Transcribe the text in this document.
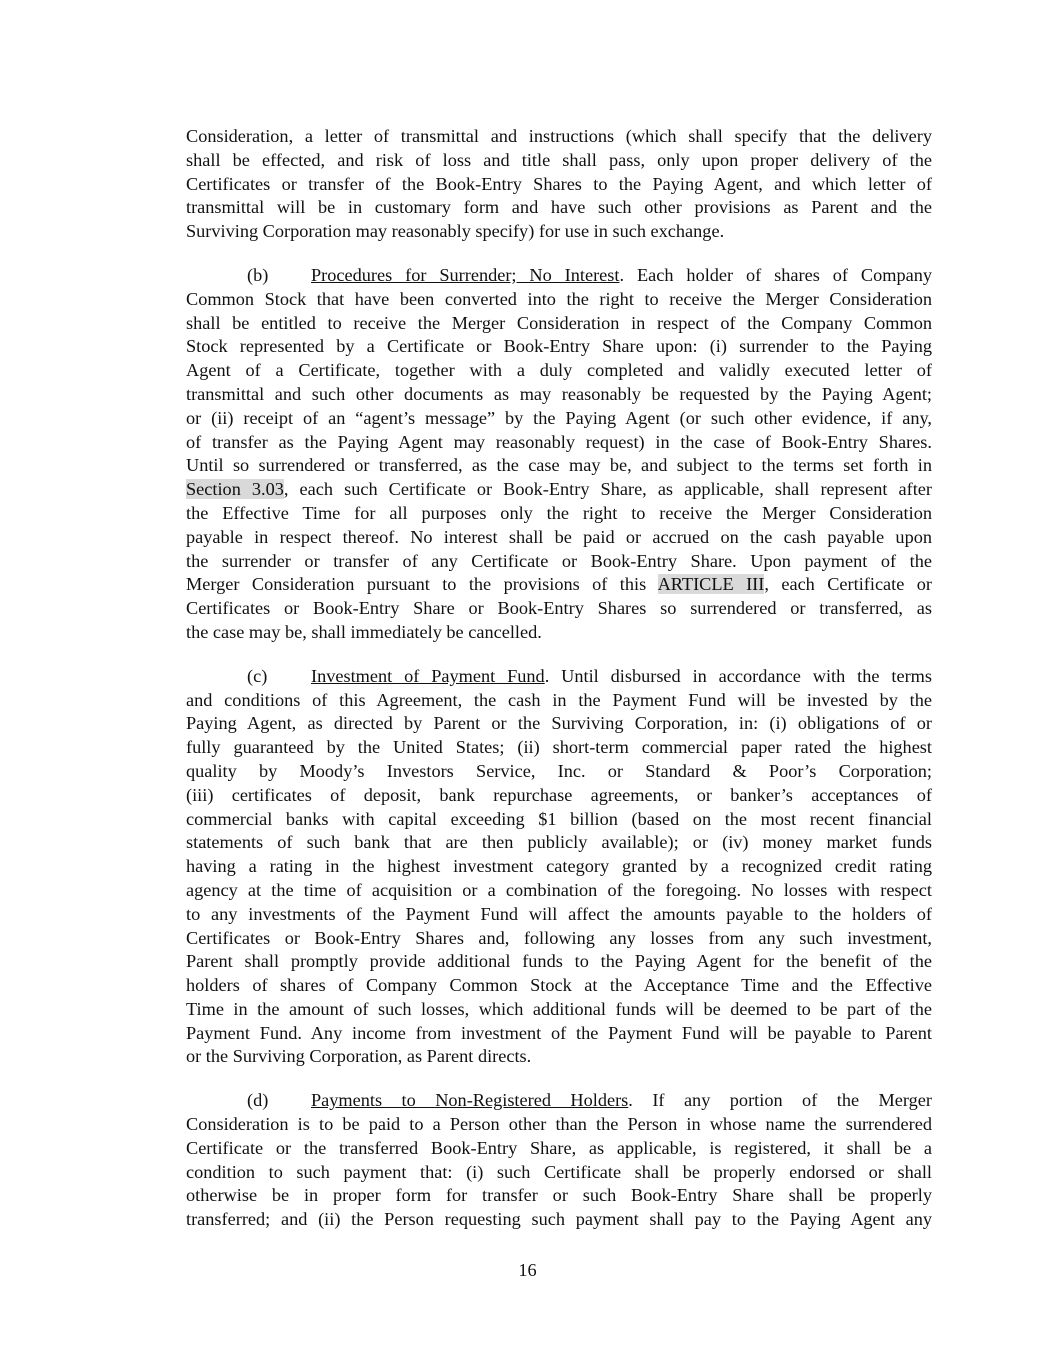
Consideration, a letter of transmittal and instructions (which shall specify that the delivery
shall be effected, and risk of loss and title shall pass, only upon proper delivery of the
Certificates or transfer of the Book-Entry Shares to the Paying Agent, and which letter of
transmittal will be in customary form and have such other provisions as Parent and the
Surviving Corporation may reasonably specify) for use in such exchange.
(b) Procedures for Surrender; No Interest. Each holder of shares of Company
Common Stock that have been converted into the right to receive the Merger Consideration
shall be entitled to receive the Merger Consideration in respect of the Company Common
Stock represented by a Certificate or Book-Entry Share upon: (i) surrender to the Paying
Agent of a Certificate, together with a duly completed and validly executed letter of
transmittal and such other documents as may reasonably be requested by the Paying Agent;
or (ii) receipt of an “agent’s message” by the Paying Agent (or such other evidence, if any,
of transfer as the Paying Agent may reasonably request) in the case of Book-Entry Shares.
Until so surrendered or transferred, as the case may be, and subject to the terms set forth in
Section 3.03, each such Certificate or Book-Entry Share, as applicable, shall represent after
the Effective Time for all purposes only the right to receive the Merger Consideration
payable in respect thereof. No interest shall be paid or accrued on the cash payable upon
the surrender or transfer of any Certificate or Book-Entry Share. Upon payment of the
Merger Consideration pursuant to the provisions of this ARTICLE III, each Certificate or
Certificates or Book-Entry Share or Book-Entry Shares so surrendered or transferred, as
the case may be, shall immediately be cancelled.
(c) Investment of Payment Fund. Until disbursed in accordance with the terms
and conditions of this Agreement, the cash in the Payment Fund will be invested by the
Paying Agent, as directed by Parent or the Surviving Corporation, in: (i) obligations of or
fully guaranteed by the United States; (ii) short-term commercial paper rated the highest
quality by Moody’s Investors Service, Inc. or Standard & Poor’s Corporation;
(iii) certificates of deposit, bank repurchase agreements, or banker’s acceptances of
commercial banks with capital exceeding $1 billion (based on the most recent financial
statements of such bank that are then publicly available); or (iv) money market funds
having a rating in the highest investment category granted by a recognized credit rating
agency at the time of acquisition or a combination of the foregoing. No losses with respect
to any investments of the Payment Fund will affect the amounts payable to the holders of
Certificates or Book-Entry Shares and, following any losses from any such investment,
Parent shall promptly provide additional funds to the Paying Agent for the benefit of the
holders of shares of Company Common Stock at the Acceptance Time and the Effective
Time in the amount of such losses, which additional funds will be deemed to be part of the
Payment Fund. Any income from investment of the Payment Fund will be payable to Parent
or the Surviving Corporation, as Parent directs.
(d) Payments to Non-Registered Holders. If any portion of the Merger
Consideration is to be paid to a Person other than the Person in whose name the surrendered
Certificate or the transferred Book-Entry Share, as applicable, is registered, it shall be a
condition to such payment that: (i) such Certificate shall be properly endorsed or shall
otherwise be in proper form for transfer or such Book-Entry Share shall be properly
transferred; and (ii) the Person requesting such payment shall pay to the Paying Agent any
16
